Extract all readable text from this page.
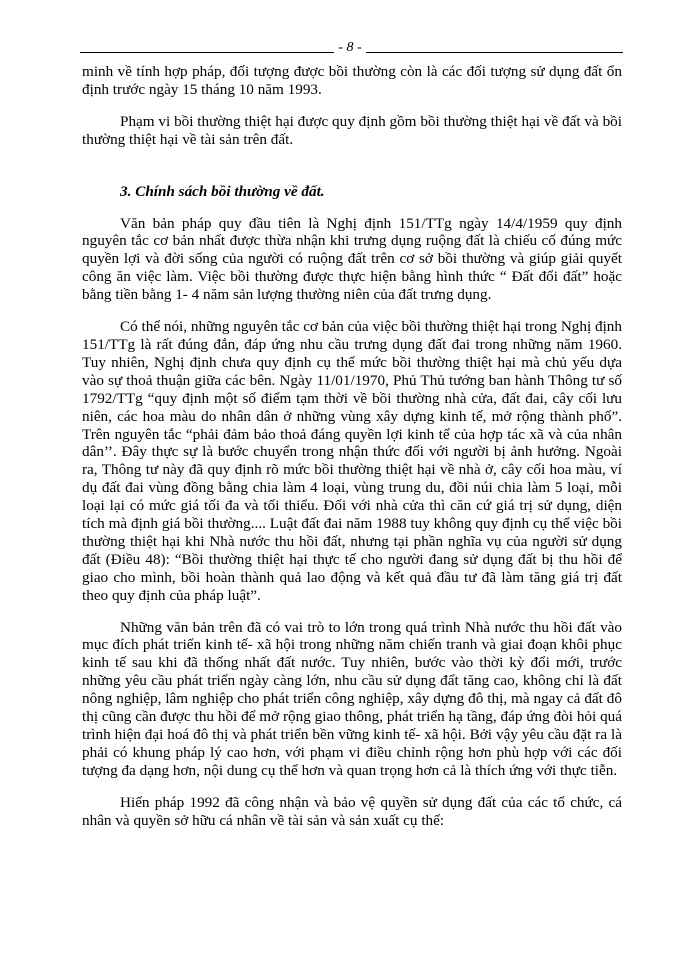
- 8 -

minh về tính hợp pháp, đối tượng được bồi thường còn là các đối tượng sử dụng đất ổn định trước ngày 15 tháng 10 năm 1993.

Phạm vi bồi thường thiệt hại được quy định gồm bồi thường thiệt hại về đất và bồi thường thiệt hại về tài sản trên đất.

3. Chính sách bồi thường về đất.

Văn bản pháp quy đầu tiên là Nghị định 151/TTg ngày 14/4/1959 quy định nguyên tắc cơ bản nhất được thừa nhận khi trưng dụng ruộng đất là chiếu cố đúng mức quyền lợi và đời sống của người có ruộng đất trên cơ sở bồi thường và giúp giải quyết công ăn việc làm. Việc bồi thường được thực hiện bằng hình thức “ Đất đổi đất” hoặc bằng tiền bằng 1- 4 năm sản lượng thường niên của đất trưng dụng.

Có thể nói, những nguyên tắc cơ bản của việc bồi thường thiệt hại trong Nghị định 151/TTg là rất đúng đắn, đáp ứng nhu cầu trưng dụng đất đai trong những năm 1960. Tuy nhiên, Nghị định chưa quy định cụ thể mức bồi thường thiệt hại mà chủ yếu dựa vào sự thoả thuận giữa các bên. Ngày 11/01/1970, Phủ Thủ tướng ban hành Thông tư số 1792/TTg “quy định một số điểm tạm thời về bồi thường nhà cửa, đất đai, cây cối lưu niên, các hoa màu do nhân dân ở những vùng xây dựng kinh tế, mở rộng thành phố”. Trên nguyên tắc “phải đảm bảo thoả đáng quyền lợi kinh tế của hợp tác xã và của nhân dân’’. Đây thực sự là bước chuyển trong nhận thức đối với người bị ảnh hưởng. Ngoài ra, Thông tư này đã quy định rõ mức bồi thường thiệt hại về nhà ở, cây cối hoa màu, ví dụ đất đai vùng đồng bằng chia làm 4 loại, vùng trung du, đồi núi chia làm 5 loại, mỗi loại lại có mức giá tối đa và tối thiểu. Đối với nhà cửa thì căn cứ giá trị sử dụng, diện tích mà định giá bồi thường.... Luật đất đai năm 1988 tuy không quy định cụ thể việc bồi thường thiệt hại khi Nhà nước thu hồi đất, nhưng tại phần nghĩa vụ của người sử dụng đất (Điều 48): “Bồi thường thiệt hại thực tế cho người đang sử dụng đất bị thu hồi để giao cho mình, bồi hoàn thành quả lao động và kết quả đầu tư đã làm tăng giá trị đất theo quy định của pháp luật”.

Những văn bản trên đã có vai trò to lớn trong quá trình Nhà nước thu hồi đất vào mục đích phát triển kinh tế- xã hội trong những năm chiến tranh và giai đoạn khôi phục kinh tế sau khi đã thống nhất đất nước. Tuy nhiên, bước vào thời kỳ đổi mới, trước những yêu cầu phát triển ngày càng lớn, nhu cầu sử dụng đất tăng cao, không chỉ là đất nông nghiệp, lâm nghiệp cho phát triển công nghiệp, xây dựng đô thị, mà ngay cả đất đô thị cũng cần được thu hồi để mở rộng giao thông, phát triển hạ tầng, đáp ứng đòi hỏi quá trình hiện đại hoá đô thị và phát triển bền vững kinh tế- xã hội. Bởi vậy yêu cầu đặt ra là phải có khung pháp lý cao hơn, với phạm vi điều chỉnh rộng hơn phù hợp với các đối tượng đa dạng hơn, nội dung cụ thể hơn và quan trọng hơn cả là thích ứng với thực tiễn.

Hiến pháp 1992 đã công nhận và bảo vệ quyền sử dụng đất của các tổ chức, cá nhân và quyền sở hữu cá nhân về tài sản và sản xuất cụ thể:
